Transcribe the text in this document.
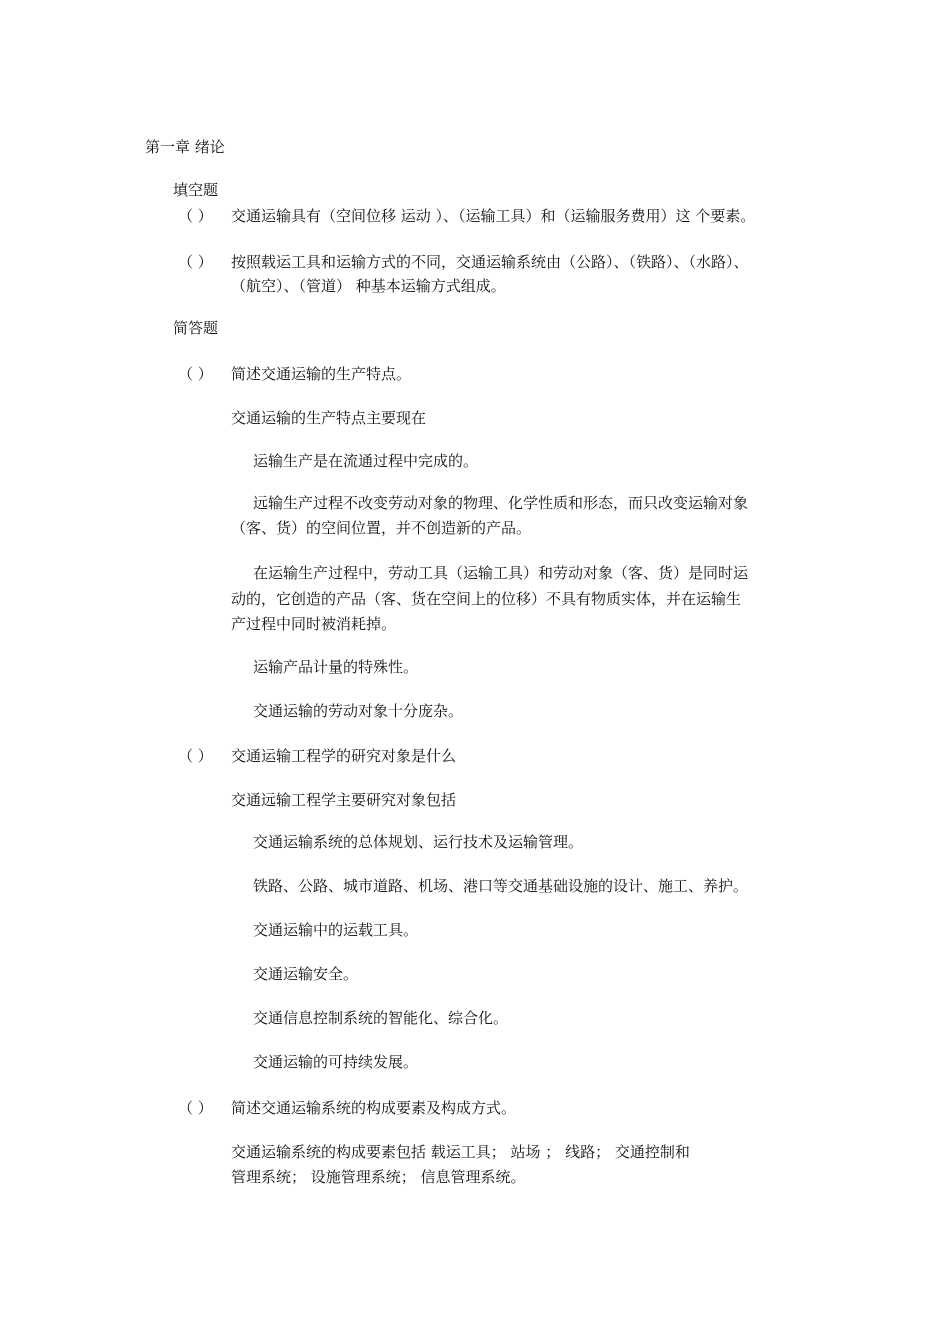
第一章 绪论
填空题
（ ） 交通运输具有（空间位移 运动 ）、（运输工具）和（运输服务费用）这 个要素。
（ ） 按照载运工具和运输方式的不同，交通运输系统由（公路）、（铁路）、（水路）、
（航空）、（管道） 种基本运输方式组成。
简答题
（ ） 简述交通运输的生产特点。
交通运输的生产特点主要现在
运输生产是在流通过程中完成的。
远输生产过程不改变劳动对象的物理、化学性质和形态，而只改变运输对象
（客、货）的空间位置，并不创造新的产品。
在运输生产过程中，劳动工具（运输工具）和劳动对象（客、货）是同时运
动的，它创造的产品（客、货在空间上的位移）不具有物质实体，并在运输生
产过程中同时被消耗掉。
运输产品计量的特殊性。
交通运输的劳动对象十分庞杂。
（ ） 交通运输工程学的研究对象是什么
交通远输工程学主要研究对象包括
交通运输系统的总体规划、运行技术及运输管理。
铁路、公路、城市道路、机场、港口等交通基础设施的设计、施工、养护。
交通运输中的运载工具。
交通运输安全。
交通信息控制系统的智能化、综合化。
交通运输的可持续发展。
（ ） 简述交通运输系统的构成要素及构成方式。
交通运输系统的构成要素包括 载运工具； 站场 ； 线路； 交通控制和
管理系统； 设施管理系统； 信息管理系统。
